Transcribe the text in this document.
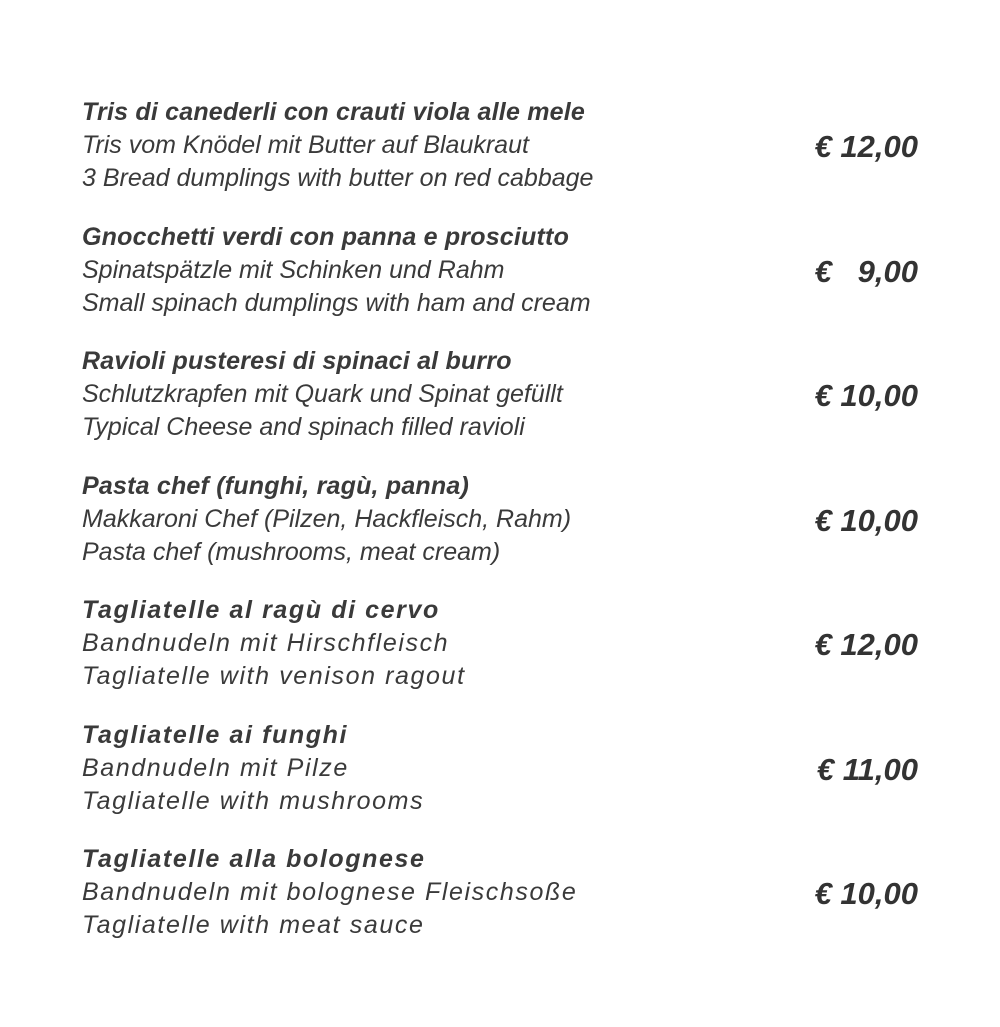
Tris di canederli con crauti viola alle mele
Tris vom Knödel mit Butter auf Blaukraut
3 Bread dumplings with butter on red cabbage
€ 12,00
Gnocchetti verdi con panna e prosciutto
Spinatspätzle mit Schinken und Rahm
Small spinach dumplings with ham and cream
€   9,00
Ravioli pusteresi di spinaci al burro
Schlutzkrapfen mit Quark und Spinat gefüllt
Typical Cheese and spinach filled ravioli
€ 10,00
Pasta chef (funghi, ragù, panna)
Makkaroni Chef (Pilzen, Hackfleisch, Rahm)
Pasta chef (mushrooms, meat cream)
€ 10,00
Tagliatelle al ragù di cervo
Bandnudeln mit Hirschfleisch
Tagliatelle with venison ragout
€ 12,00
Tagliatelle ai funghi
Bandnudeln mit Pilze
Tagliatelle with mushrooms
€ 11,00
Tagliatelle alla bolognese
Bandnudeln mit bolognese Fleischsoße
Tagliatelle with meat sauce
€ 10,00
